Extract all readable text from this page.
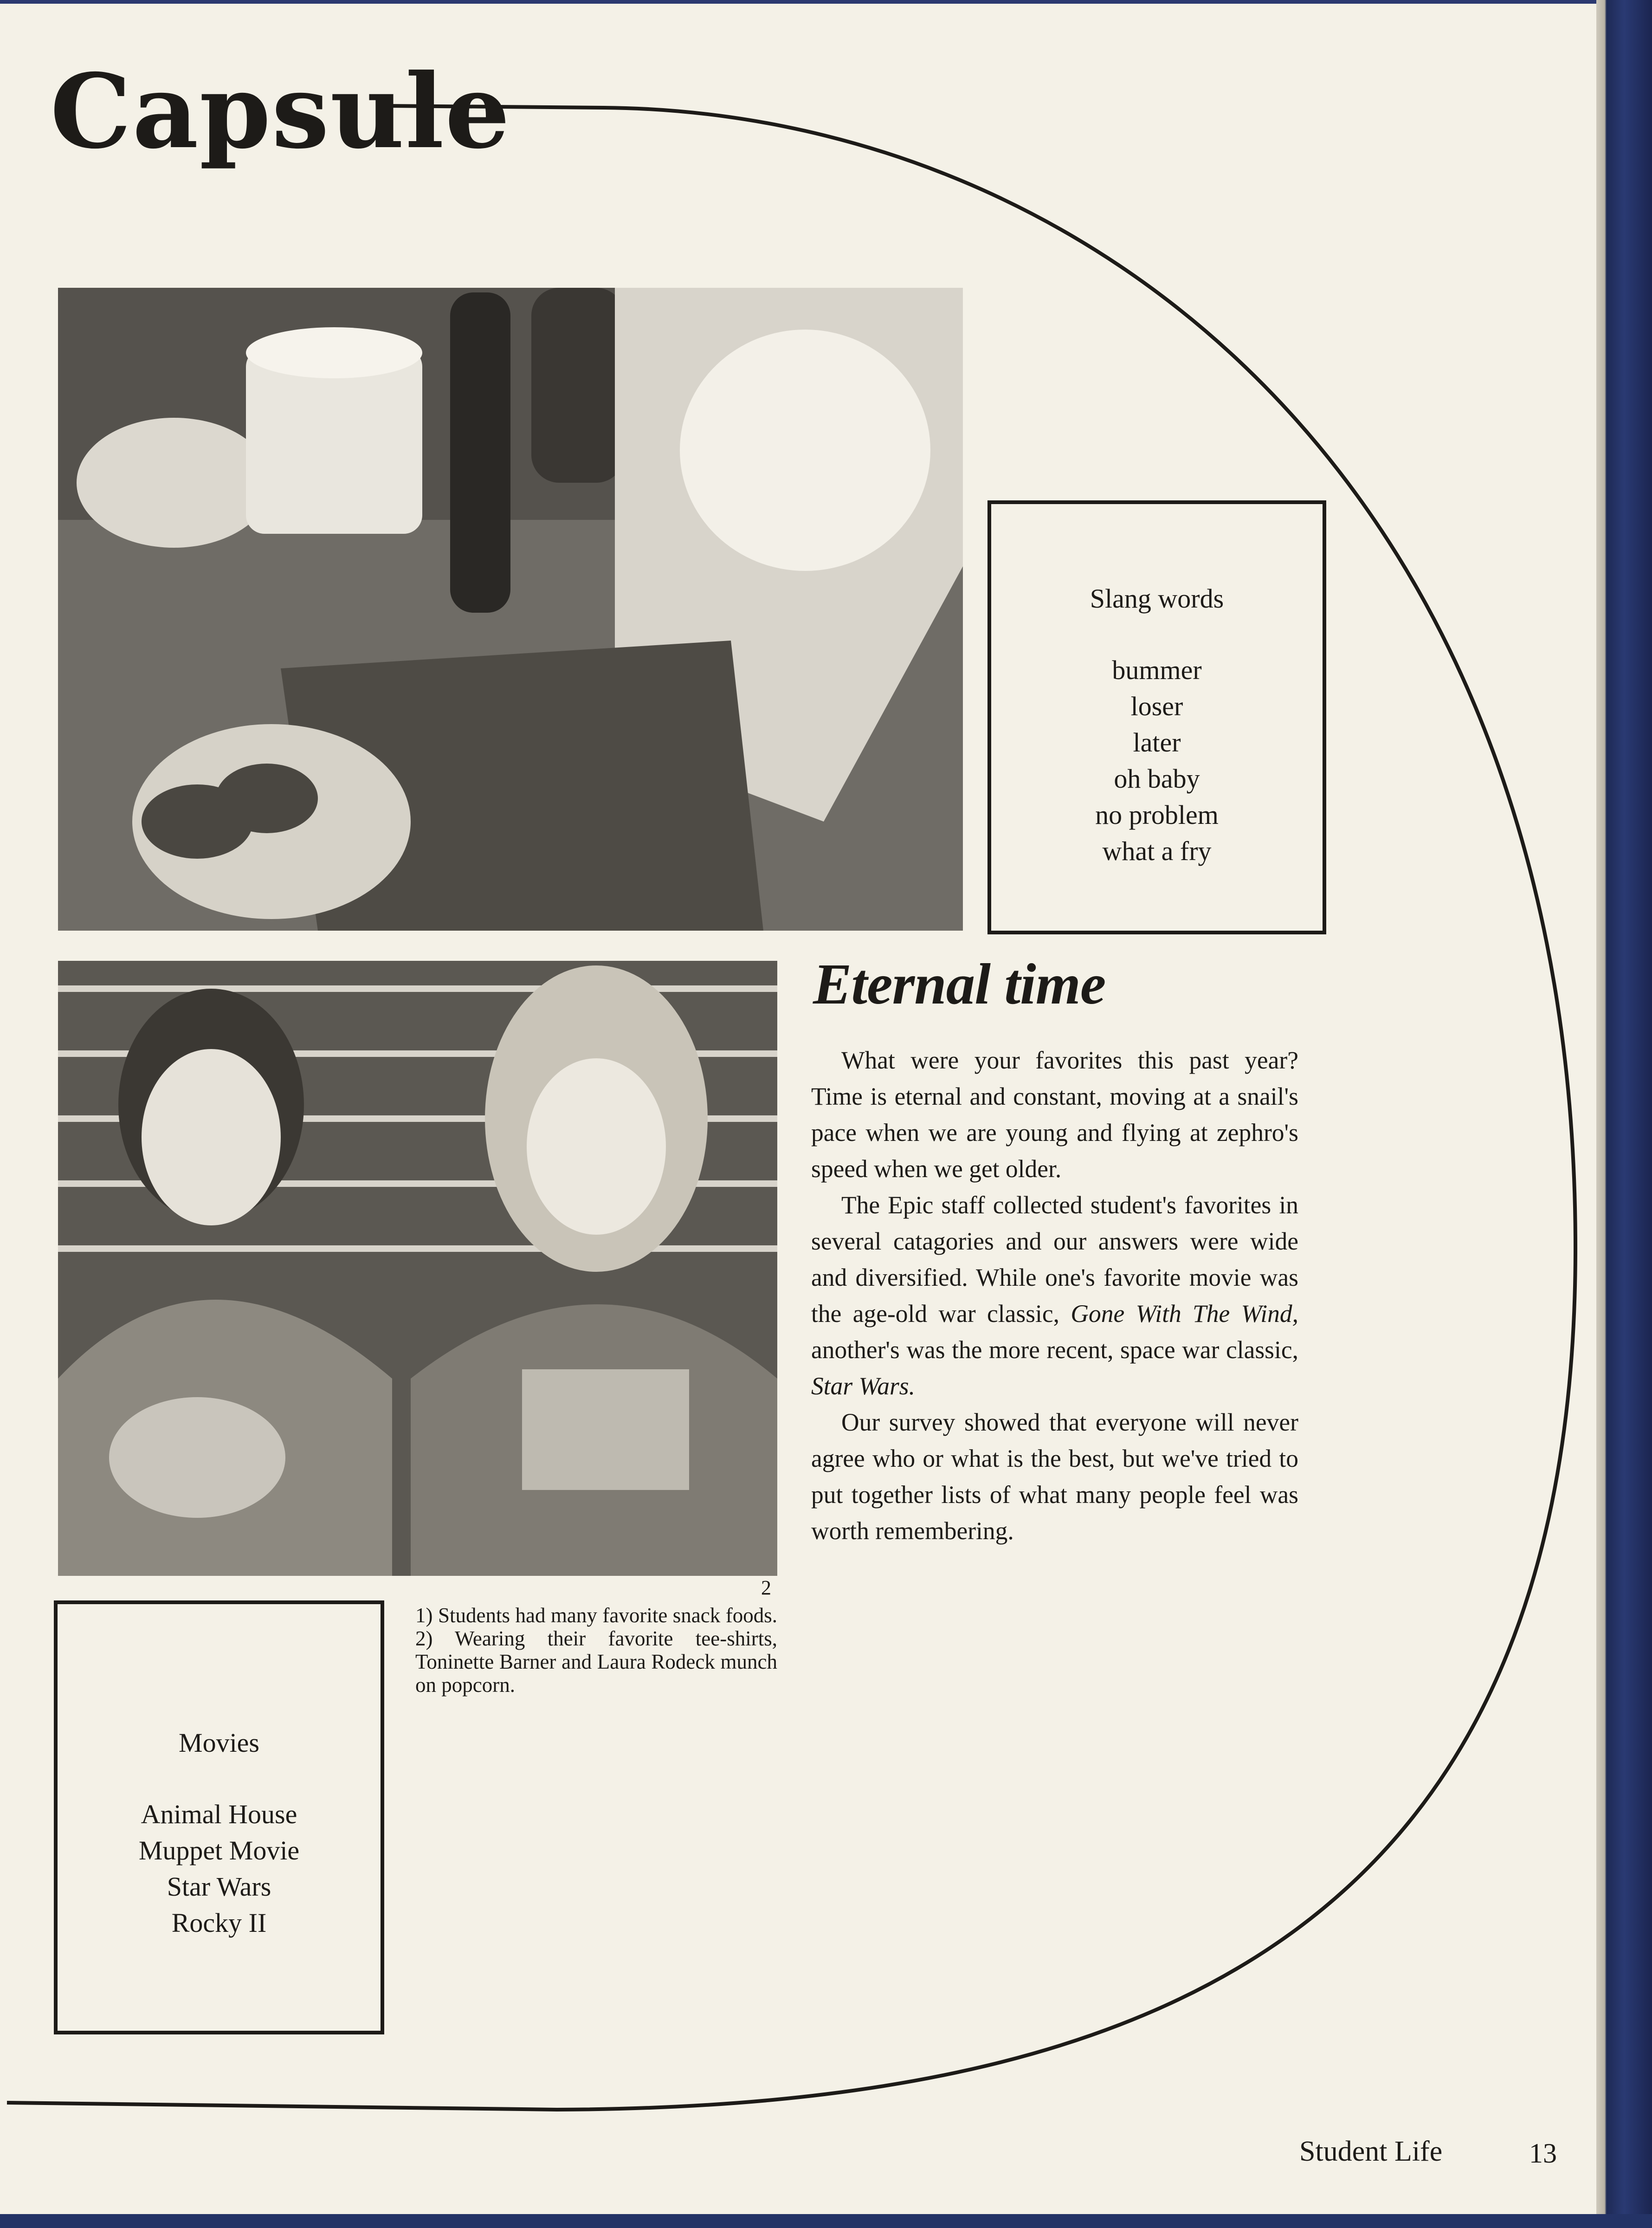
Capsule
2
Slang words
bummer
loser
later
oh baby
no problem
what a fry
Eternal time

What were your favorites this past year? Time is eternal and constant, moving at a snail's pace when we are young and flying at zephro's speed when we get older.

The Epic staff collected student's favorites in several catagories and our answers were wide and diversified. While one's favorite movie was the age-old war classic, Gone With The Wind, another's was the more recent, space war classic, Star Wars.

Our survey showed that everyone will never agree who or what is the best, but we've tried to put together lists of what many people feel was worth remembering.

1) Students had many favorite snack foods. 2) Wearing their favorite tee-shirts, Toninette Barner and Laura Rodeck munch on popcorn.
Movies
Animal House
Muppet Movie
Star Wars
Rocky II
Student Life	13
